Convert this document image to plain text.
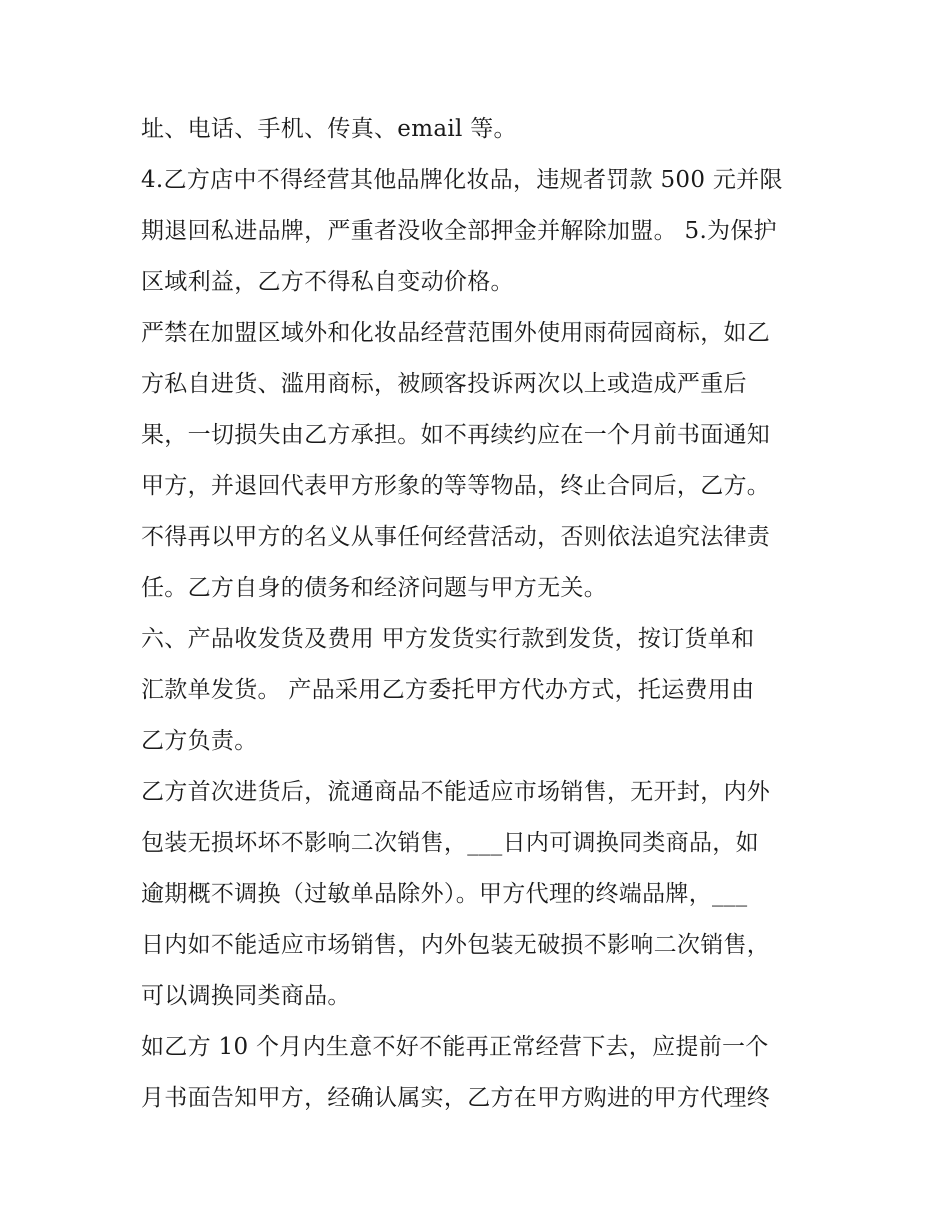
址、电话、手机、传真、email 等。
4.乙方店中不得经营其他品牌化妆品，违规者罚款 500 元并限
期退回私进品牌，严重者没收全部押金并解除加盟。 5.为保护
区域利益，乙方不得私自变动价格。
严禁在加盟区域外和化妆品经营范围外使用雨荷园商标，如乙
方私自进货、滥用商标，被顾客投诉两次以上或造成严重后
果，一切损失由乙方承担。如不再续约应在一个月前书面通知
甲方，并退回代表甲方形象的等等物品，终止合同后，乙方。
不得再以甲方的名义从事任何经营活动，否则依法追究法律责
任。乙方自身的债务和经济问题与甲方无关。
六、产品收发货及费用 甲方发货实行款到发货，按订货单和
汇款单发货。 产品采用乙方委托甲方代办方式，托运费用由
乙方负责。
乙方首次进货后，流通商品不能适应市场销售，无开封，内外
包装无损坏坏不影响二次销售，___日内可调换同类商品，如
逾期概不调换（过敏单品除外）。甲方代理的终端品牌，___
日内如不能适应市场销售，内外包装无破损不影响二次销售，
可以调换同类商品。
如乙方 10 个月内生意不好不能再正常经营下去，应提前一个
月书面告知甲方，经确认属实，乙方在甲方购进的甲方代理终
